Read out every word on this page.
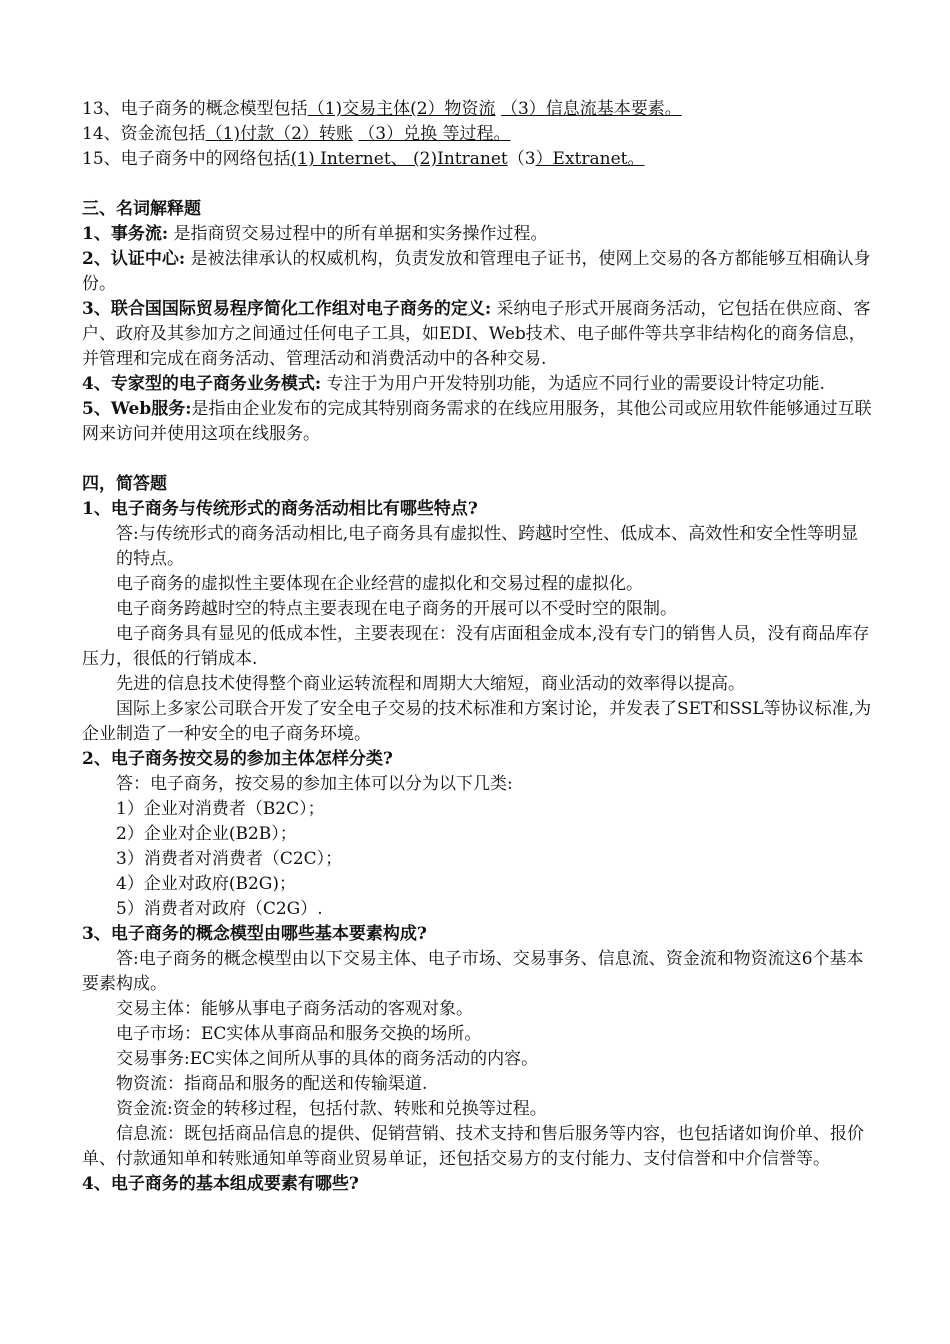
13、电子商务的概念模型包括（1)交易主体(2）物资流 （3）信息流基本要素。
14、资金流包括（1)付款（2）转账 （3）兑换 等过程。
15、电子商务中的网络包括(1) Internet、 (2)Intranet（3）Extranet。
三、名词解释题
1、事务流: 是指商贸交易过程中的所有单据和实务操作过程。
2、认证中心: 是被法律承认的权威机构，负责发放和管理电子证书，使网上交易的各方都能够互相确认身份。
3、联合国国际贸易程序简化工作组对电子商务的定义: 采纳电子形式开展商务活动，它包括在供应商、客户、政府及其参加方之间通过任何电子工具，如EDI、Web技术、电子邮件等共享非结构化的商务信息，并管理和完成在商务活动、管理活动和消费活动中的各种交易.
4、专家型的电子商务业务模式: 专注于为用户开发特别功能，为适应不同行业的需要设计特定功能.
5、Web服务:是指由企业发布的完成其特别商务需求的在线应用服务，其他公司或应用软件能够通过互联网来访问并使用这项在线服务。
四，简答题
1、电子商务与传统形式的商务活动相比有哪些特点?
答:与传统形式的商务活动相比,电子商务具有虚拟性、跨越时空性、低成本、高效性和安全性等明显的特点。
电子商务的虚拟性主要体现在企业经营的虚拟化和交易过程的虚拟化。
电子商务跨越时空的特点主要表现在电子商务的开展可以不受时空的限制。
电子商务具有显见的低成本性，主要表现在：没有店面租金成本,没有专门的销售人员，没有商品库存压力，很低的行销成本.
先进的信息技术使得整个商业运转流程和周期大大缩短，商业活动的效率得以提高。
国际上多家公司联合开发了安全电子交易的技术标准和方案讨论，并发表了SET和SSL等协议标准,为企业制造了一种安全的电子商务环境。
2、电子商务按交易的参加主体怎样分类?
答：电子商务，按交易的参加主体可以分为以下几类:
1）企业对消费者（B2C）；
2）企业对企业(B2B）；
3）消费者对消费者（C2C）；
4）企业对政府(B2G)；
5）消费者对政府（C2G）.
3、电子商务的概念模型由哪些基本要素构成?
答:电子商务的概念模型由以下交易主体、电子市场、交易事务、信息流、资金流和物资流这6个基本要素构成。
交易主体：能够从事电子商务活动的客观对象。
电子市场：EC实体从事商品和服务交换的场所。
交易事务:EC实体之间所从事的具体的商务活动的内容。
物资流：指商品和服务的配送和传输渠道.
资金流:资金的转移过程，包括付款、转账和兑换等过程。
信息流：既包括商品信息的提供、促销营销、技术支持和售后服务等内容，也包括诸如询价单、报价单、付款通知单和转账通知单等商业贸易单证，还包括交易方的支付能力、支付信誉和中介信誉等。
4、电子商务的基本组成要素有哪些?
